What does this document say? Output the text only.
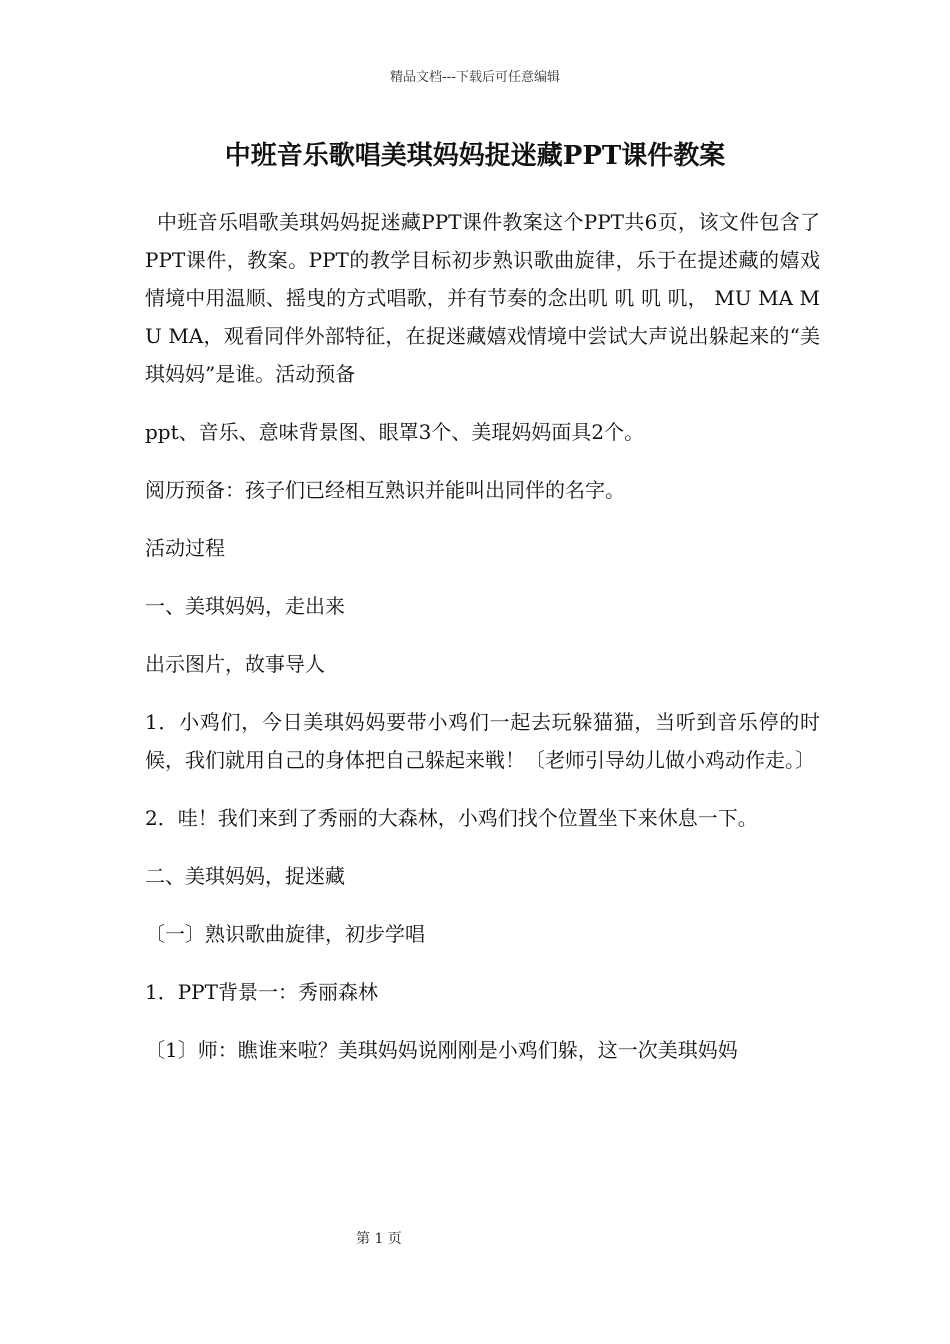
精品文档---下载后可任意编辑
中班音乐歌唱美琪妈妈捉迷藏PPT课件教案

中班音乐唱歌美琪妈妈捉迷藏PPT课件教案这个PPT共6页，该文件包含了PPT课件，教案。PPT的教学目标初步熟识歌曲旋律，乐于在提述藏的嬉戏情境中用温顺、摇曳的方式唱歌，并有节奏的念出叽 叽 叽 叽， MU MA MU MA，观看同伴外部特征，在捉迷藏嬉戏情境中尝试大声说出躲起来的“美琪妈妈”是谁。活动预备

ppt、音乐、意味背景图、眼罩3个、美琨妈妈面具2个。

阅历预备：孩子们已经相互熟识并能叫出同伴的名字。

活动过程

一、美琪妈妈，走出来

出示图片，故事导人

1．小鸡们，今日美琪妈妈要带小鸡们一起去玩躲猫猫，当听到音乐停的时候，我们就用自己的身体把自己躲起来戦！〔老师引导幼儿做小鸡动作走。〕

2．哇！我们来到了秀丽的大森林，小鸡们找个位置坐下来休息一下。

二、美琪妈妈，捉迷藏

〔一〕熟识歌曲旋律，初步学唱

1．PPT背景一：秀丽森林

〔1〕师：瞧谁来啦？美琪妈妈说刚刚是小鸡们躲，这一次美琪妈妈

第 1 页
